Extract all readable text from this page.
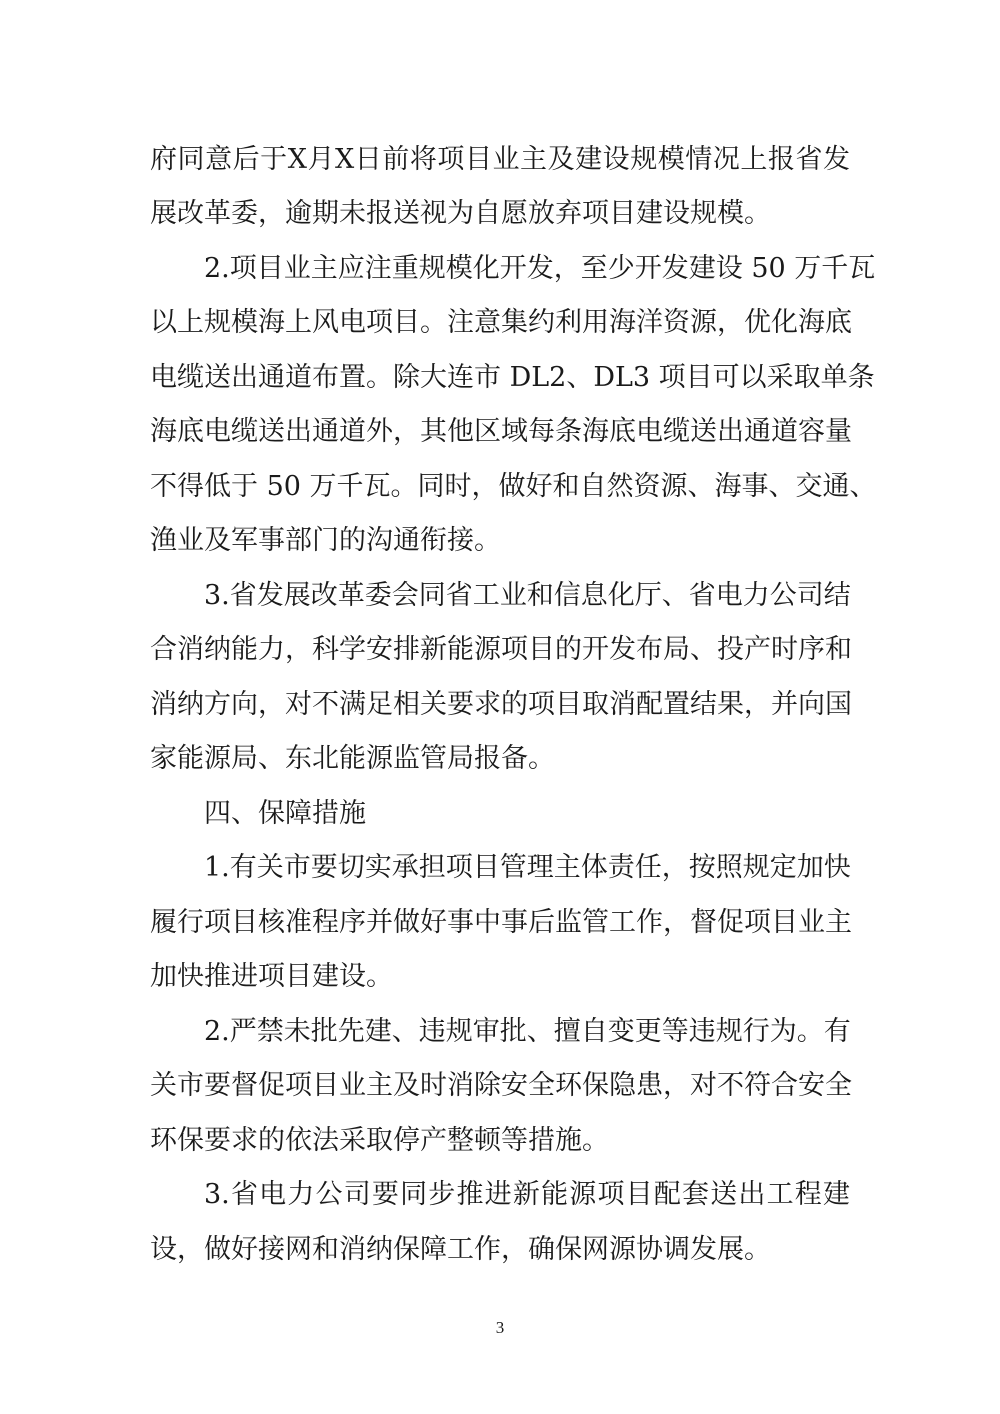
府同意后于X月X日前将项目业主及建设规模情况上报省发
展改革委，逾期未报送视为自愿放弃项目建设规模。
2.项目业主应注重规模化开发，至少开发建设 50 万千瓦
以上规模海上风电项目。注意集约利用海洋资源，优化海底
电缆送出通道布置。除大连市 DL2、DL3 项目可以采取单条
海底电缆送出通道外，其他区域每条海底电缆送出通道容量
不得低于 50 万千瓦。同时，做好和自然资源、海事、交通、
渔业及军事部门的沟通衔接。
3.省发展改革委会同省工业和信息化厅、省电力公司结
合消纳能力，科学安排新能源项目的开发布局、投产时序和
消纳方向，对不满足相关要求的项目取消配置结果，并向国
家能源局、东北能源监管局报备。
四、保障措施
1.有关市要切实承担项目管理主体责任，按照规定加快
履行项目核准程序并做好事中事后监管工作，督促项目业主
加快推进项目建设。
2.严禁未批先建、违规审批、擅自变更等违规行为。有
关市要督促项目业主及时消除安全环保隐患，对不符合安全
环保要求的依法采取停产整顿等措施。
3.省电力公司要同步推进新能源项目配套送出工程建
设，做好接网和消纳保障工作，确保网源协调发展。
3
